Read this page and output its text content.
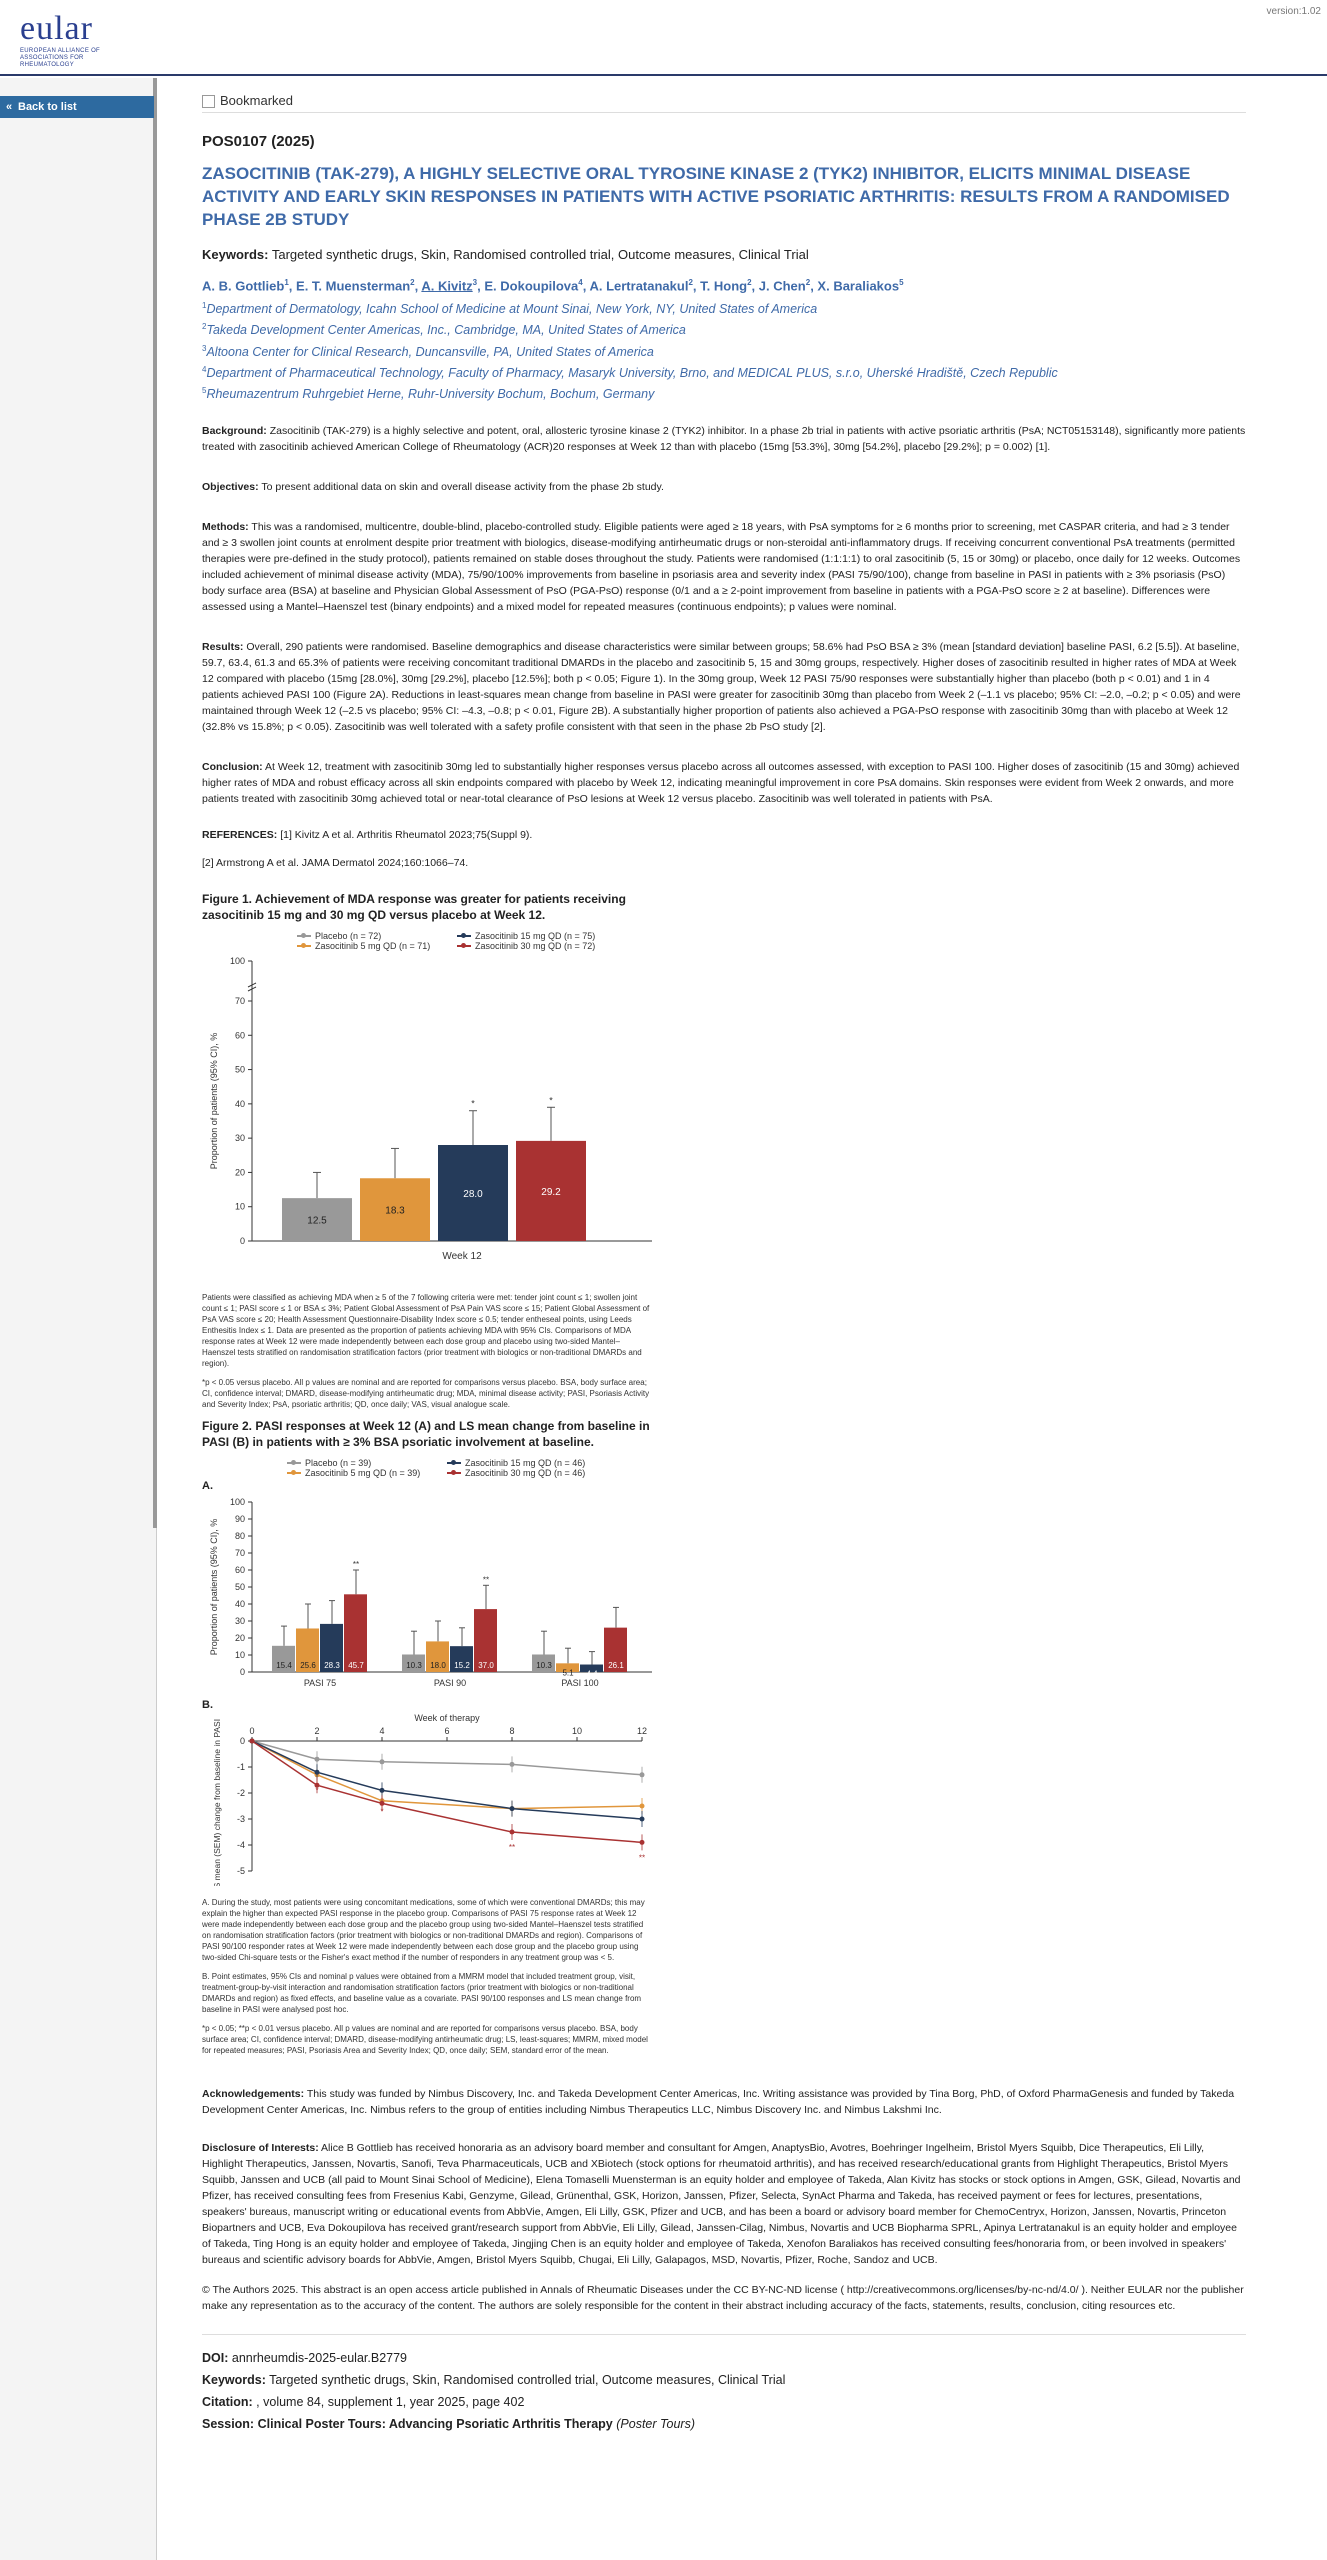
eular
EUROPEAN ALLIANCE OF ASSOCIATIONS FOR RHEUMATOLOGY
version:1.02
« Back to list	Bookmarked
POS0107 (2025)
ZASOCITINIB (TAK-279), A HIGHLY SELECTIVE ORAL TYROSINE KINASE 2 (TYK2) INHIBITOR, ELICITS MINIMAL DISEASE ACTIVITY AND EARLY SKIN RESPONSES IN PATIENTS WITH ACTIVE PSORIATIC ARTHRITIS: RESULTS FROM A RANDOMISED PHASE 2B STUDY
Keywords: Targeted synthetic drugs, Skin, Randomised controlled trial, Outcome measures, Clinical Trial
A. B. Gottlieb$^1$, E. T. Muensterman$^2$, A. Kivitz$^3$, E. Dokoupilova$^4$, A. Lertratanakul$^2$, T. Hong$^2$, J. Chen$^2$, X. Baraliakos$^5$
$^1$Department of Dermatology, Icahn School of Medicine at Mount Sinai, New York, NY, United States of America
$^2$Takeda Development Center Americas, Inc., Cambridge, MA, United States of America
$^3$Altoona Center for Clinical Research, Duncansville, PA, United States of America
$^4$Department of Pharmaceutical Technology, Faculty of Pharmacy, Masaryk University, Brno, and MEDICAL PLUS, s.r.o, Uherské Hradiště, Czech Republic
$^5$Rheumazentrum Ruhrgebiet Herne, Ruhr-University Bochum, Bochum, Germany
Background: Zasocitinib (TAK-279) is a highly selective and potent, oral, allosteric tyrosine kinase 2 (TYK2) inhibitor. In a phase 2b trial in patients with active psoriatic arthritis (PsA; NCT05153148), significantly more patients treated with zasocitinib achieved American College of Rheumatology (ACR)20 responses at Week 12 than with placebo (15mg [53.3%], 30mg [54.2%], placebo [29.2%]; p = 0.002) [1].
Objectives: To present additional data on skin and overall disease activity from the phase 2b study.
Methods: This was a randomised, multicentre, double-blind, placebo-controlled study. Eligible patients were aged ≥ 18 years, with PsA symptoms for ≥ 6 months prior to screening, met CASPAR criteria, and had ≥ 3 tender and ≥ 3 swollen joint counts at enrolment despite prior treatment with biologics, disease-modifying antirheumatic drugs or non-steroidal anti-inflammatory drugs. If receiving concurrent conventional PsA treatments (permitted therapies were pre-defined in the study protocol), patients remained on stable doses throughout the study. Patients were randomised (1:1:1:1) to oral zasocitinib (5, 15 or 30mg) or placebo, once daily for 12 weeks. Outcomes included achievement of minimal disease activity (MDA), 75/90/100% improvements from baseline in psoriasis area and severity index (PASI 75/90/100), change from baseline in PASI in patients with ≥ 3% psoriasis (PsO) body surface area (BSA) at baseline and Physician Global Assessment of PsO (PGA-PsO) response (0/1 and a ≥ 2-point improvement from baseline in patients with a PGA-PsO score ≥ 2 at baseline). Differences were assessed using a Mantel–Haenszel test (binary endpoints) and a mixed model for repeated measures (continuous endpoints); p values were nominal.
Results: Overall, 290 patients were randomised. Baseline demographics and disease characteristics were similar between groups; 58.6% had PsO BSA ≥ 3% (mean [standard deviation] baseline PASI, 6.2 [5.5]). At baseline, 59.7, 63.4, 61.3 and 65.3% of patients were receiving concomitant traditional DMARDs in the placebo and zasocitinib 5, 15 and 30mg groups, respectively. Higher doses of zasocitinib resulted in higher rates of MDA at Week 12 compared with placebo (15mg [28.0%], 30mg [29.2%], placebo [12.5%]; both p < 0.05; Figure 1). In the 30mg group, Week 12 PASI 75/90 responses were substantially higher than placebo (both p < 0.01) and 1 in 4 patients achieved PASI 100 (Figure 2A). Reductions in least-squares mean change from baseline in PASI were greater for zasocitinib 30mg than placebo from Week 2 (–1.1 vs placebo; 95% CI: –2.0, –0.2; p < 0.05) and were maintained through Week 12 (–2.5 vs placebo; 95% CI: –4.3, –0.8; p < 0.01, Figure 2B). A substantially higher proportion of patients also achieved a PGA-PsO response with zasocitinib 30mg than with placebo at Week 12 (32.8% vs 15.8%; p < 0.05). Zasocitinib was well tolerated with a safety profile consistent with that seen in the phase 2b PsO study [2].
Conclusion: At Week 12, treatment with zasocitinib 30mg led to substantially higher responses versus placebo across all outcomes assessed, with exception to PASI 100. Higher doses of zasocitinib (15 and 30mg) achieved higher rates of MDA and robust efficacy across all skin endpoints compared with placebo by Week 12, indicating meaningful improvement in core PsA domains. Skin responses were evident from Week 2 onwards, and more patients treated with zasocitinib 30mg achieved total or near-total clearance of PsO lesions at Week 12 versus placebo. Zasocitinib was well tolerated in patients with PsA.

REFERENCES: [1] Kivitz A et al. Arthritis Rheumatol 2023;75(Suppl 9).

[2] Armstrong A et al. JAMA Dermatol 2024;160:1066–74.

Figure 1. Achievement of MDA response was greater for patients receiving zasocitinib 15 mg and 30 mg QD versus placebo at Week 12.
Placebo (n = 72)	Zasocitinib 15 mg QD (n = 75)
Zasocitinib 5 mg QD (n = 71)	Zasocitinib 30 mg QD (n = 72)
0
10
20
30
40
50
60
70
100
Proportion of patients (95% CI), %
Week 12
12.5
18.3
28.0
*
29.2
*

Patients were classified as achieving MDA when ≥ 5 of the 7 following criteria were met: tender joint count ≤ 1; swollen joint count ≤ 1; PASI score ≤ 1 or BSA ≤ 3%; Patient Global Assessment of PsA Pain VAS score ≤ 15; Patient Global Assessment of PsA VAS score ≤ 20; Health Assessment Questionnaire-Disability Index score ≤ 0.5; tender entheseal points, using Leeds Enthesitis Index ≤ 1. Data are presented as the proportion of patients achieving MDA with 95% CIs. Comparisons of MDA response rates at Week 12 were made independently between each dose group and placebo using two-sided Mantel–Haenszel tests stratified on randomisation stratification factors (prior treatment with biologics or non-traditional DMARDs and region).

*p < 0.05 versus placebo. All p values are nominal and are reported for comparisons versus placebo. BSA, body surface area; CI, confidence interval; DMARD, disease-modifying antirheumatic drug; MDA, minimal disease activity; PASI, Psoriasis Activity and Severity Index; PsA, psoriatic arthritis; QD, once daily; VAS, visual analogue scale.

Figure 2. PASI responses at Week 12 (A) and LS mean change from baseline in PASI (B) in patients with ≥ 3% BSA psoriatic involvement at baseline.
Placebo (n = 39)	Zasocitinib 15 mg QD (n = 46)
Zasocitinib 5 mg QD (n = 39)	Zasocitinib 30 mg QD (n = 46)
A.
0
10
20
30
40
50
60
70
80
90
100
Proportion of patients (95% CI), %
PASI 75
15.4 25.6 28.3 45.7
**
PASI 90
10.3 18.0 15.2 37.0
**
PASI 100
10.3
5.1 4.4
26.1
B.
Week of therapy
0	2	4	6	8	10	12
0
-1
-2
-3
-4
-5
LS mean (SEM) change from baseline in PASI	*
*
**
**

A. During the study, most patients were using concomitant medications, some of which were conventional DMARDs; this may explain the higher than expected PASI response in the placebo group. Comparisons of PASI 75 response rates at Week 12 were made independently between each dose group and the placebo group using two-sided Mantel–Haenszel tests stratified on randomisation stratification factors (prior treatment with biologics or non-traditional DMARDs and region). Comparisons of PASI 90/100 responder rates at Week 12 were made independently between each dose group and the placebo group using two-sided Chi-square tests or the Fisher's exact method if the number of responders in any treatment group was < 5.

B. Point estimates, 95% CIs and nominal p values were obtained from a MMRM model that included treatment group, visit, treatment-group-by-visit interaction and randomisation stratification factors (prior treatment with biologics or non-traditional DMARDs and region) as fixed effects, and baseline value as a covariate. PASI 90/100 responses and LS mean change from baseline in PASI were analysed post hoc.

*p < 0.05; **p < 0.01 versus placebo. All p values are nominal and are reported for comparisons versus placebo. BSA, body surface area; CI, confidence interval; DMARD, disease-modifying antirheumatic drug; LS, least-squares; MMRM, mixed model for repeated measures; PASI, Psoriasis Area and Severity Index; QD, once daily; SEM, standard error of the mean.

Acknowledgements: This study was funded by Nimbus Discovery, Inc. and Takeda Development Center Americas, Inc. Writing assistance was provided by Tina Borg, PhD, of Oxford PharmaGenesis and funded by Takeda Development Center Americas, Inc. Nimbus refers to the group of entities including Nimbus Therapeutics LLC, Nimbus Discovery Inc. and Nimbus Lakshmi Inc.
Disclosure of Interests: Alice B Gottlieb has received honoraria as an advisory board member and consultant for Amgen, AnaptysBio, Avotres, Boehringer Ingelheim, Bristol Myers Squibb, Dice Therapeutics, Eli Lilly, Highlight Therapeutics, Janssen, Novartis, Sanofi, Teva Pharmaceuticals, UCB and XBiotech (stock options for rheumatoid arthritis), and has received research/educational grants from Highlight Therapeutics, Bristol Myers Squibb, Janssen and UCB (all paid to Mount Sinai School of Medicine), Elena Tomaselli Muensterman is an equity holder and employee of Takeda, Alan Kivitz has stocks or stock options in Amgen, GSK, Gilead, Novartis and Pfizer, has received consulting fees from Fresenius Kabi, Genzyme, Gilead, Grünenthal, GSK, Horizon, Janssen, Pfizer, Selecta, SynAct Pharma and Takeda, has received payment or fees for lectures, presentations, speakers' bureaus, manuscript writing or educational events from AbbVie, Amgen, Eli Lilly, GSK, Pfizer and UCB, and has been a board or advisory board member for ChemoCentryx, Horizon, Janssen, Novartis, Princeton Biopartners and UCB, Eva Dokoupilova has received grant/research support from AbbVie, Eli Lilly, Gilead, Janssen-Cilag, Nimbus, Novartis and UCB Biopharma SPRL, Apinya Lertratanakul is an equity holder and employee of Takeda, Ting Hong is an equity holder and employee of Takeda, Jingjing Chen is an equity holder and employee of Takeda, Xenofon Baraliakos has received consulting fees/honoraria from, or been involved in speakers' bureaus and scientific advisory boards for AbbVie, Amgen, Bristol Myers Squibb, Chugai, Eli Lilly, Galapagos, MSD, Novartis, Pfizer, Roche, Sandoz and UCB.
© The Authors 2025. This abstract is an open access article published in Annals of Rheumatic Diseases under the CC BY-NC-ND license ( http://creativecommons.org/licenses/by-nc-nd/4.0/ ). Neither EULAR nor the publisher make any representation as to the accuracy of the content. The authors are solely responsible for the content in their abstract including accuracy of the facts, statements, results, conclusion, citing resources etc.
DOI: annrheumdis-2025-eular.B2779
Keywords: Targeted synthetic drugs, Skin, Randomised controlled trial, Outcome measures, Clinical Trial
Citation: , volume 84, supplement 1, year 2025, page 402
Session: Clinical Poster Tours: Advancing Psoriatic Arthritis Therapy (Poster Tours)
